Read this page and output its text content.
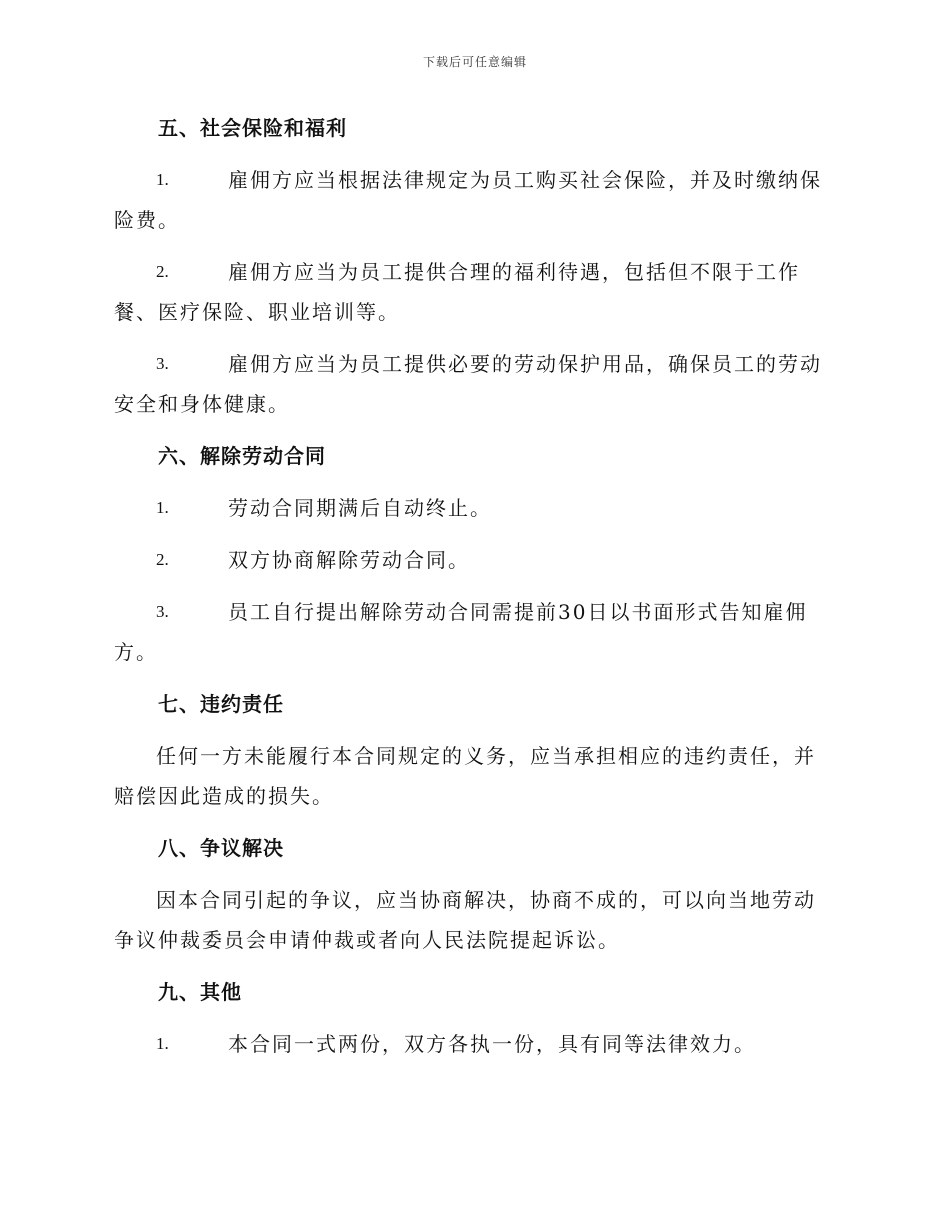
下载后可任意编辑
五、社会保险和福利
1.	雇佣方应当根据法律规定为员工购买社会保险，并及时缴纳保险费。
2.	雇佣方应当为员工提供合理的福利待遇，包括但不限于工作餐、医疗保险、职业培训等。
3.	雇佣方应当为员工提供必要的劳动保护用品，确保员工的劳动安全和身体健康。
六、解除劳动合同
1.	劳动合同期满后自动终止。
2.	双方协商解除劳动合同。
3.	员工自行提出解除劳动合同需提前30日以书面形式告知雇佣方。
七、违约责任

任何一方未能履行本合同规定的义务，应当承担相应的违约责任，并赔偿因此造成的损失。

八、争议解决

因本合同引起的争议，应当协商解决，协商不成的，可以向当地劳动争议仲裁委员会申请仲裁或者向人民法院提起诉讼。

九、其他
1.	本合同一式两份，双方各执一份，具有同等法律效力。
